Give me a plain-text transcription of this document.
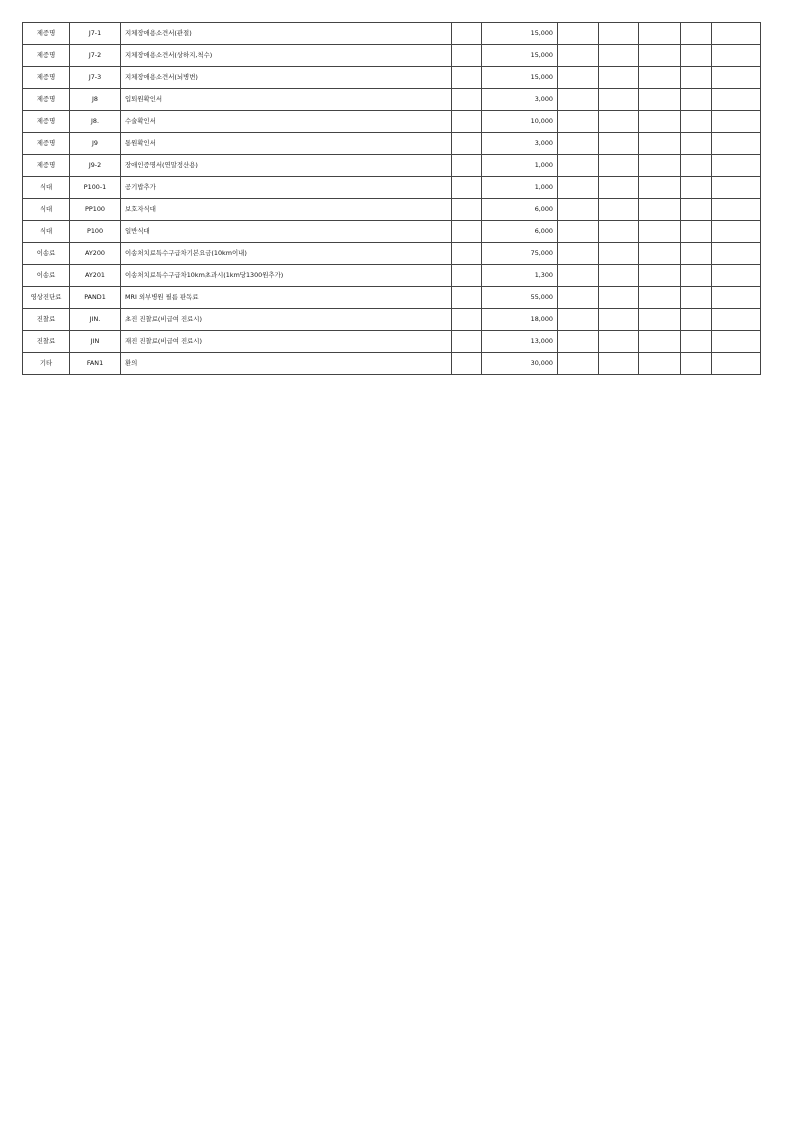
제증명	J7-1	지체장애용소견서(관절)		15,000					
제증명	J7-2	지체장애용소견서(상하지,척수)		15,000					
제증명	J7-3	지체장애용소견서(뇌병변)		15,000					
제증명	J8	입퇴원확인서		3,000					
제증명	J8.	수술확인서		10,000					
제증명	J9	통원확인서		3,000					
제증명	J9-2	장애인증명서(연말정산용)		1,000					
식대	P100-1	공기밥추가		1,000					
식대	PP100	보호자식대		6,000					
식대	P100	일반식대		6,000					
이송료	AY200	이송처치료특수구급차기본요금(10km이내)		75,000					
이송료	AY201	이송처치료특수구급차10km초과시(1km당1300원추가)		1,300					
영상진단료	PAND1	MRI 외부병원 필름 판독료		55,000					
진찰료	JIN.	초진 진찰료(비급여 진료시)		18,000					
진찰료	JIN	재진 진찰료(비급여 진료시)		13,000					
기타	FAN1	환의		30,000					
